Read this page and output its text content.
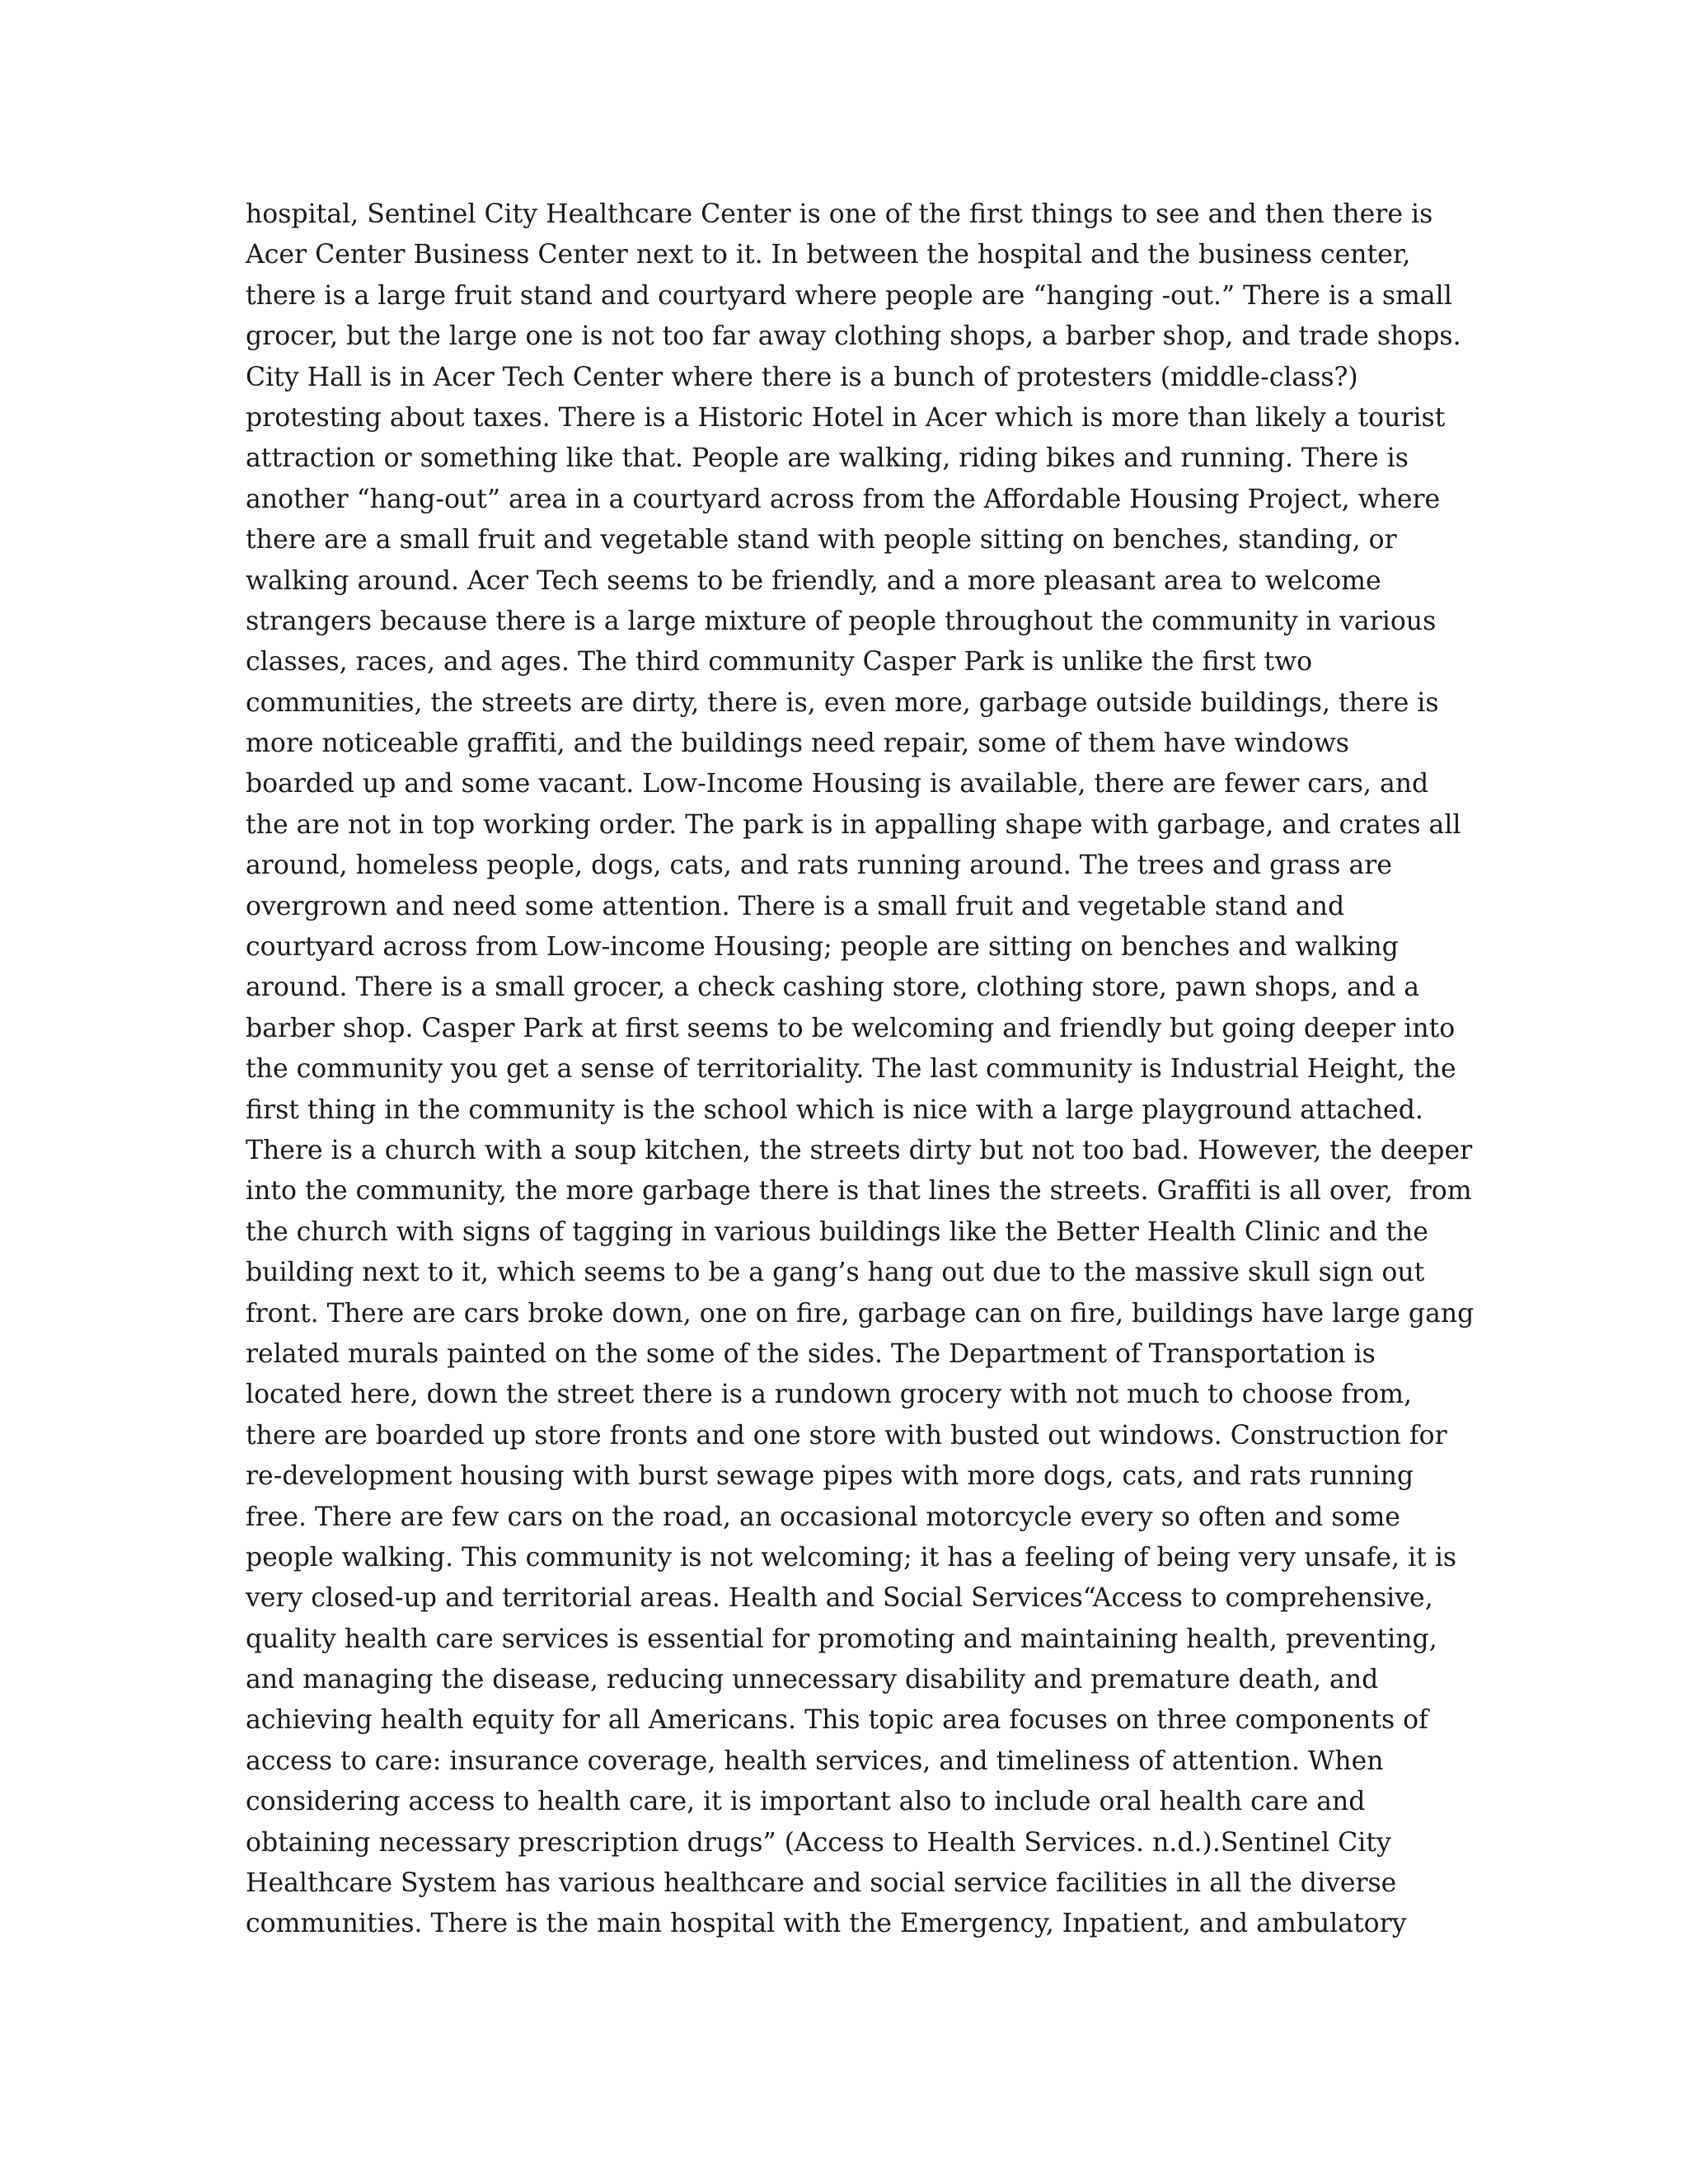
hospital, Sentinel City Healthcare Center is one of the first things to see and then there is
Acer Center Business Center next to it. In between the hospital and the business center,
there is a large fruit stand and courtyard where people are “hanging -out.” There is a small
grocer, but the large one is not too far away clothing shops, a barber shop, and trade shops.
City Hall is in Acer Tech Center where there is a bunch of protesters (middle-class?)
protesting about taxes. There is a Historic Hotel in Acer which is more than likely a tourist
attraction or something like that. People are walking, riding bikes and running. There is
another “hang-out” area in a courtyard across from the Affordable Housing Project, where
there are a small fruit and vegetable stand with people sitting on benches, standing, or
walking around. Acer Tech seems to be friendly, and a more pleasant area to welcome
strangers because there is a large mixture of people throughout the community in various
classes, races, and ages. The third community Casper Park is unlike the first two
communities, the streets are dirty, there is, even more, garbage outside buildings, there is
more noticeable graffiti, and the buildings need repair, some of them have windows
boarded up and some vacant. Low-Income Housing is available, there are fewer cars, and
the are not in top working order. The park is in appalling shape with garbage, and crates all
around, homeless people, dogs, cats, and rats running around. The trees and grass are
overgrown and need some attention. There is a small fruit and vegetable stand and
courtyard across from Low-income Housing; people are sitting on benches and walking
around. There is a small grocer, a check cashing store, clothing store, pawn shops, and a
barber shop. Casper Park at first seems to be welcoming and friendly but going deeper into
the community you get a sense of territoriality. The last community is Industrial Height, the
first thing in the community is the school which is nice with a large playground attached.
There is a church with a soup kitchen, the streets dirty but not too bad. However, the deeper
into the community, the more garbage there is that lines the streets. Graffiti is all over,  from
the church with signs of tagging in various buildings like the Better Health Clinic and the
building next to it, which seems to be a gang’s hang out due to the massive skull sign out
front. There are cars broke down, one on fire, garbage can on fire, buildings have large gang
related murals painted on the some of the sides. The Department of Transportation is
located here, down the street there is a rundown grocery with not much to choose from,
there are boarded up store fronts and one store with busted out windows. Construction for
re-development housing with burst sewage pipes with more dogs, cats, and rats running
free. There are few cars on the road, an occasional motorcycle every so often and some
people walking. This community is not welcoming; it has a feeling of being very unsafe, it is
very closed-up and territorial areas. Health and Social Services“Access to comprehensive,
quality health care services is essential for promoting and maintaining health, preventing,
and managing the disease, reducing unnecessary disability and premature death, and
achieving health equity for all Americans. This topic area focuses on three components of
access to care: insurance coverage, health services, and timeliness of attention. When
considering access to health care, it is important also to include oral health care and
obtaining necessary prescription drugs” (Access to Health Services. n.d.).Sentinel City
Healthcare System has various healthcare and social service facilities in all the diverse
communities. There is the main hospital with the Emergency, Inpatient, and ambulatory
